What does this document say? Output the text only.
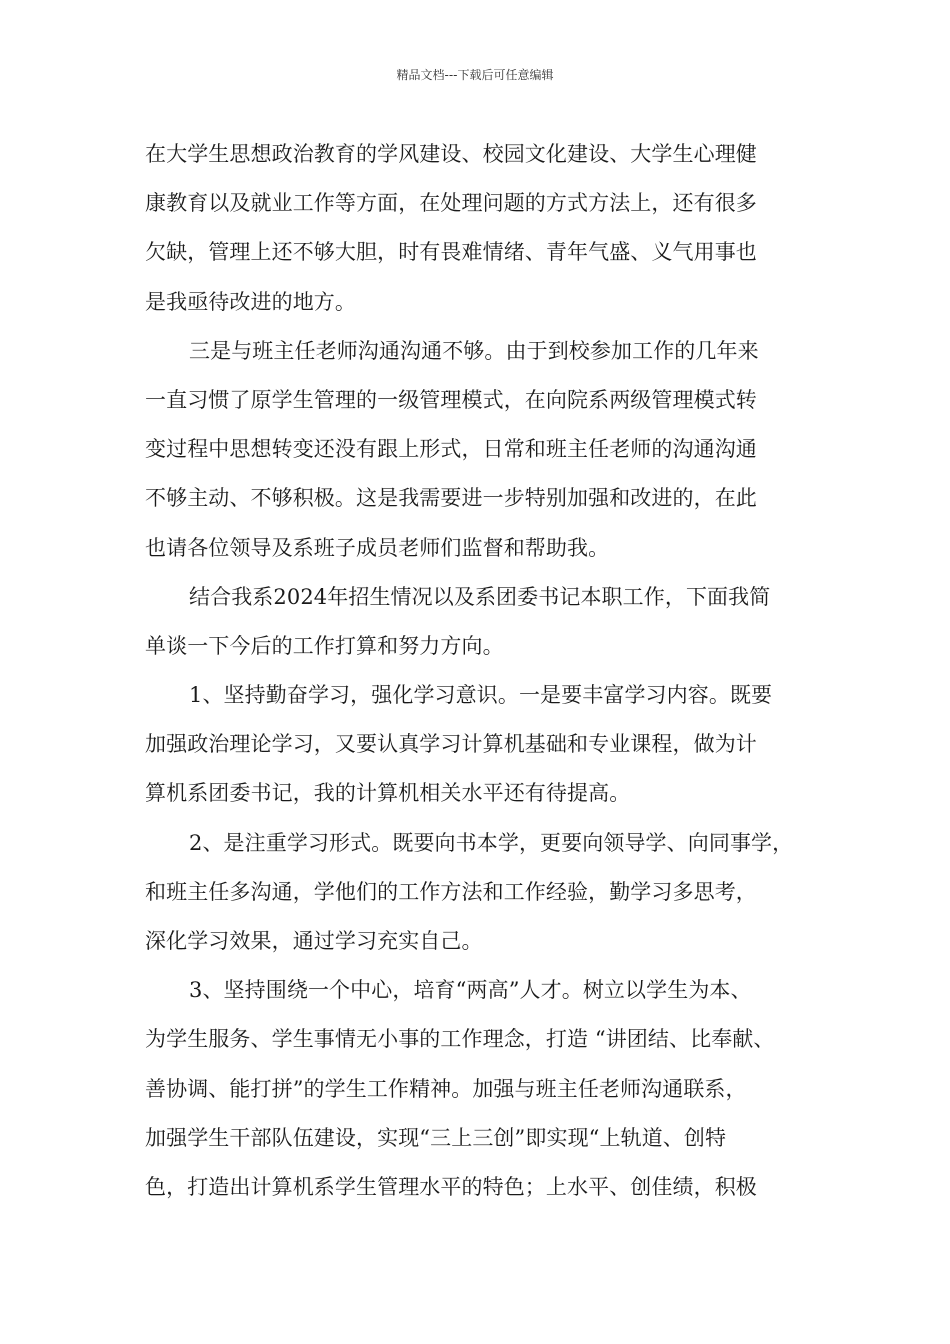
精品文档---下载后可任意编辑
在大学生思想政治教育的学风建设、校园文化建设、大学生心理健
康教育以及就业工作等方面，在处理问题的方式方法上，还有很多
欠缺，管理上还不够大胆，时有畏难情绪、青年气盛、义气用事也
是我亟待改进的地方。
三是与班主任老师沟通沟通不够。由于到校参加工作的几年来
一直习惯了原学生管理的一级管理模式，在向院系两级管理模式转
变过程中思想转变还没有跟上形式，日常和班主任老师的沟通沟通
不够主动、不够积极。这是我需要进一步特别加强和改进的，在此
也请各位领导及系班子成员老师们监督和帮助我。
结合我系2024年招生情况以及系团委书记本职工作，下面我简
单谈一下今后的工作打算和努力方向。
1、坚持勤奋学习，强化学习意识。一是要丰富学习内容。既要
加强政治理论学习，又要认真学习计算机基础和专业课程，做为计
算机系团委书记，我的计算机相关水平还有待提高。
2、是注重学习形式。既要向书本学，更要向领导学、向同事学，
和班主任多沟通，学他们的工作方法和工作经验，勤学习多思考，
深化学习效果，通过学习充实自己。
3、坚持围绕一个中心，培育“两高”人才。树立以学生为本、
为学生服务、学生事情无小事的工作理念，打造 “讲团结、比奉献、
善协调、能打拼”的学生工作精神。加强与班主任老师沟通联系，
加强学生干部队伍建设，实现“三上三创”即实现“上轨道、创特
色，打造出计算机系学生管理水平的特色；上水平、创佳绩，积极
